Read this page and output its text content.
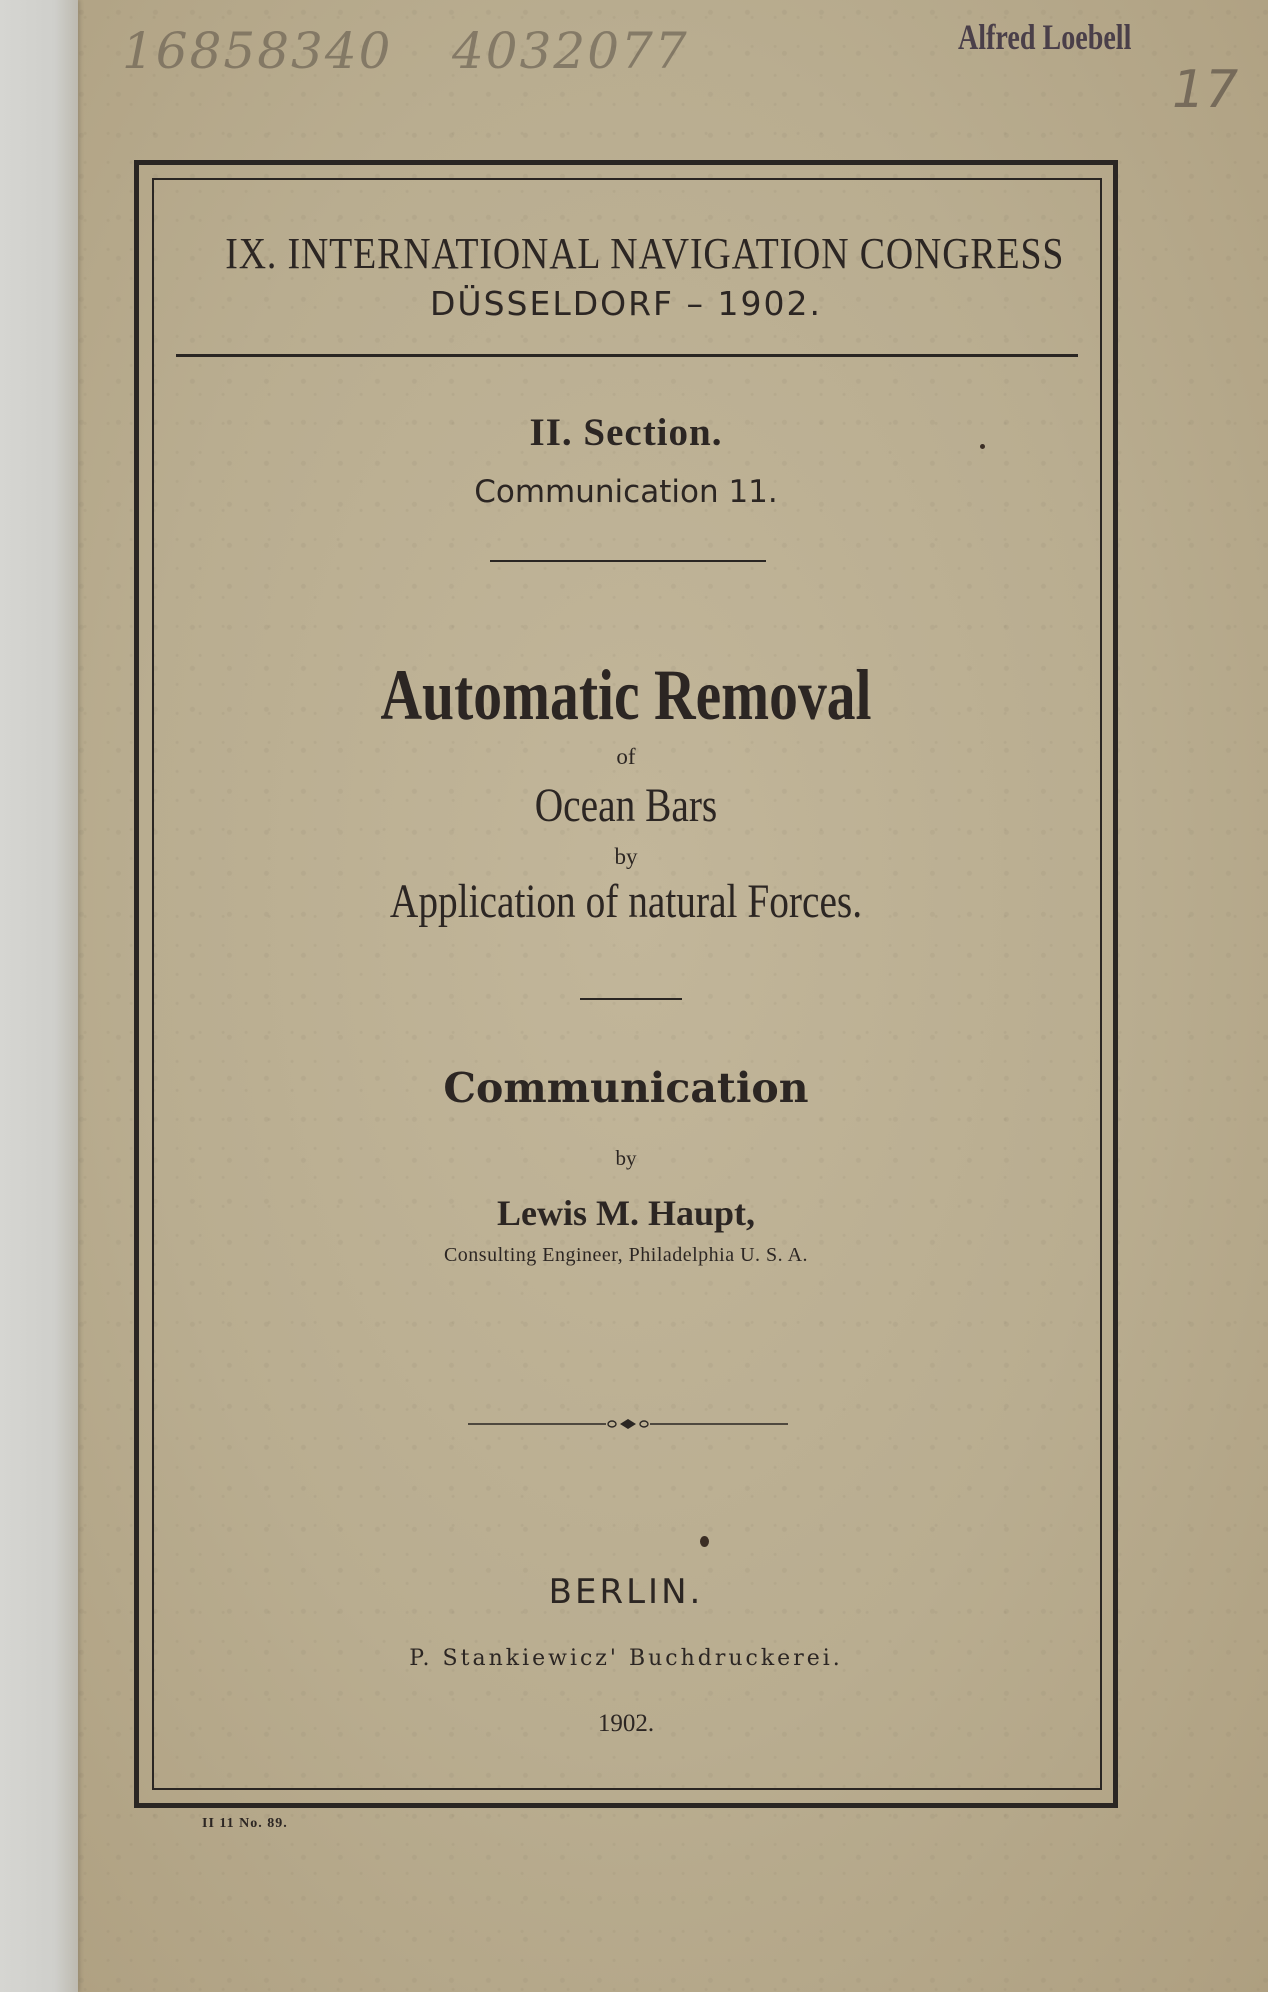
16858340 4032077	Alfred Loebell
17
IX. INTERNATIONAL NAVIGATION CONGRESS
DÜSSELDORF – 1902.
II. Section.
Communication 11.
Automatic Removal
of
Ocean Bars
by
Application of natural Forces.
Communication
by
Lewis M. Haupt,
Consulting Engineer, Philadelphia U. S. A.
BERLIN.
P. Stankiewicz' Buchdruckerei.
1902.
II 11 No. 89.
